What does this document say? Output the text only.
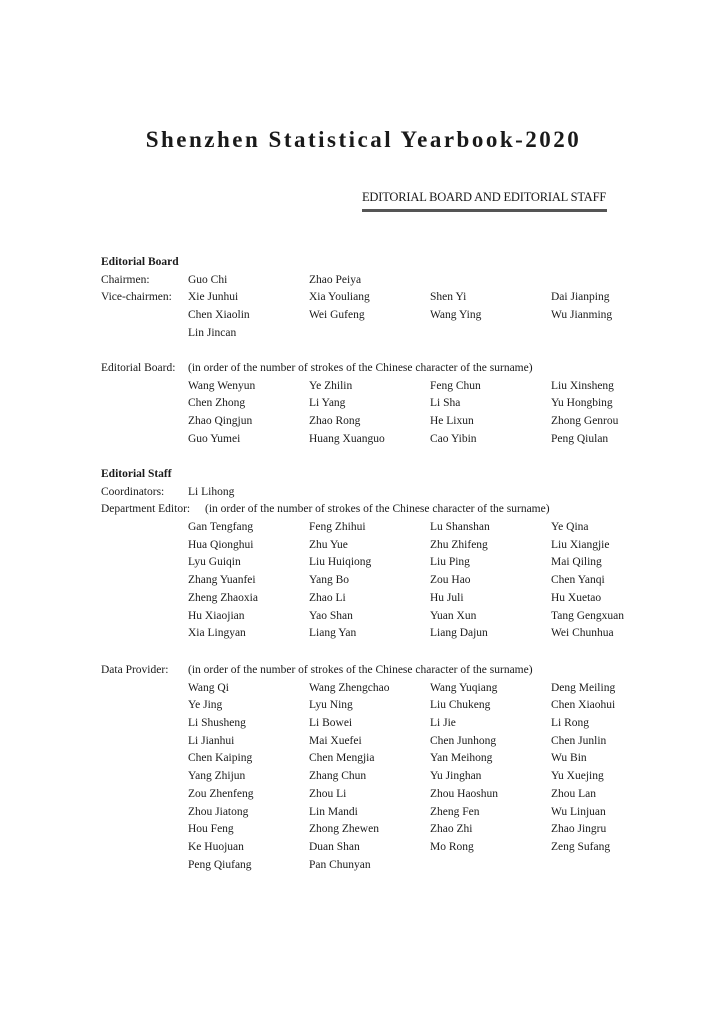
Shenzhen Statistical Yearbook-2020
EDITORIAL BOARD AND EDITORIAL STAFF
Editorial Board
Chairmen:	Guo Chi	Zhao Peiya
Vice-chairmen: Xie Junhui	Xia Youliang	Shen Yi	Dai Jianping
Chen Xiaolin	Wei Gufeng	Wang Ying	Wu Jianming
Lin Jincan
Editorial Board: (in order of the number of strokes of the Chinese character of the surname)
Wang Wenyun	Ye Zhilin	Feng Chun	Liu Xinsheng
Chen Zhong	Li Yang	Li Sha	Yu Hongbing
Zhao Qingjun	Zhao Rong	He Lixun	Zhong Genrou
Guo Yumei	Huang Xuanguo	Cao Yibin	Peng Qiulan
Editorial Staff
Coordinators: Li Lihong
Department Editor: (in order of the number of strokes of the Chinese character of the surname)
Gan Tengfang	Feng Zhihui	Lu Shanshan	Ye Qina
Hua Qionghui	Zhu Yue	Zhu Zhifeng	Liu Xiangjie
Lyu Guiqin	Liu Huiqiong	Liu Ping	Mai Qiling
Zhang Yuanfei	Yang Bo	Zou Hao	Chen Yanqi
Zheng Zhaoxia	Zhao Li	Hu Juli	Hu Xuetao
Hu Xiaojian	Yao Shan	Yuan Xun	Tang Gengxuan
Xia Lingyan	Liang Yan	Liang Dajun	Wei Chunhua
Data Provider: (in order of the number of strokes of the Chinese character of the surname)
Wang Qi	Wang Zhengchao	Wang Yuqiang	Deng Meiling
Ye Jing	Lyu Ning	Liu Chukeng	Chen Xiaohui
Li Shusheng	Li Bowei	Li Jie	Li Rong
Li Jianhui	Mai Xuefei	Chen Junhong	Chen Junlin
Chen Kaiping	Chen Mengjia	Yan Meihong	Wu Bin
Yang Zhijun	Zhang Chun	Yu Jinghan	Yu Xuejing
Zou Zhenfeng	Zhou Li	Zhou Haoshun	Zhou Lan
Zhou Jiatong	Lin Mandi	Zheng Fen	Wu Linjuan
Hou Feng	Zhong Zhewen	Zhao Zhi	Zhao Jingru
Ke Huojuan	Duan Shan	Mo Rong	Zeng Sufang
Peng Qiufang	Pan Chunyan
